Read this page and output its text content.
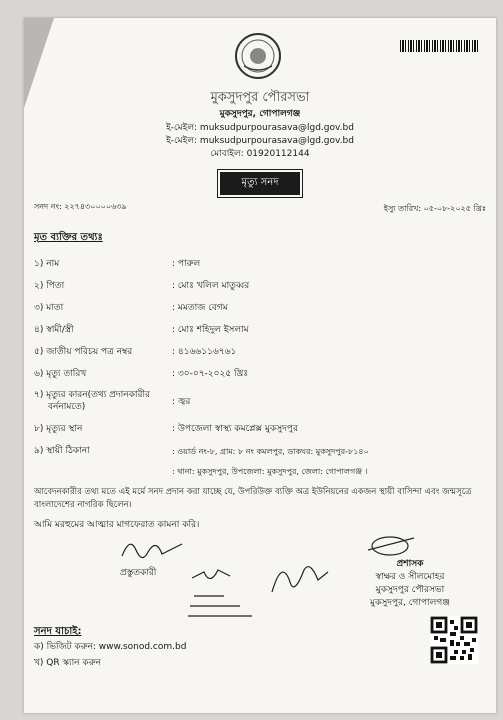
মুকসুদপুর পৌরসভা
মুকসুদপুর, গোপালগঞ্জ
ই-মেইল: muksudpurpourasava@lgd.gov.bd
ই-মেইল: muksudpurpourasava@lgd.gov.bd
মোবাইল: 01920112144
মৃত্যু সনদ
সনদ নং: ২২৭৪৩০০০০৬৩৯	ইস্যু তারিখ: ০৫-০৮-২০২৫ খ্রিঃ
মৃত ব্যক্তির তথ্যঃ
১) নাম	: পারুল
২) পিতা	: মোঃ খলিল মাতুব্বর
৩) মাতা	: মমতাজ বেগম
৪) স্বামী/স্ত্রী	: মোঃ শহিদুল ইসলাম
৫) জাতীয় পরিচয় পত্র নম্বর	: ৪১৬৬১১৬৭৬১
৬) মৃত্যু তারিখ	: ৩০-০৭-২০২৫ খ্রিঃ
৭) মৃত্যুর কারন(তথ্য প্রদানকারীর
বর্ননামতে)	: জ্বর
৮) মৃত্যুর স্থান	: উপজেলা স্বাস্থ্য কমপ্লেক্স মুকসুদপুর
৯) স্থায়ী ঠিকানা	: ওয়ার্ড নং-৮, গ্রাম: ৮ নং কমলপুর, ডাকঘর: মুকসুদপুর-৮১৪০
: থানা: মুকসুদপুর, উপজেলা: মুকসুদপুর, জেলা: গোপালগঞ্জ ।
আবেদনকারীর তথ্য মতে এই মর্মে সনদ প্রদান করা যাচ্ছে যে, উপরিউক্ত ব্যক্তি অত্র ইউনিয়নের একজন স্থায়ী বাসিন্দা এবং জন্মসূত্রে বাংলাদেশের নাগরিক ছিলেন।
আমি মরহুমের আত্মার মাগফেরাত কামনা করি।
প্রস্তুতকারী
প্রশাসক
স্বাক্ষর ও সীলমোহর
মুকসুদপুর পৌরসভা
মুকসুদপুর, গোপালগঞ্জ
সনদ যাচাই:
ক) ভিজিট করুন: www.sonod.com.bd
খ) QR স্ক্যান করুন
